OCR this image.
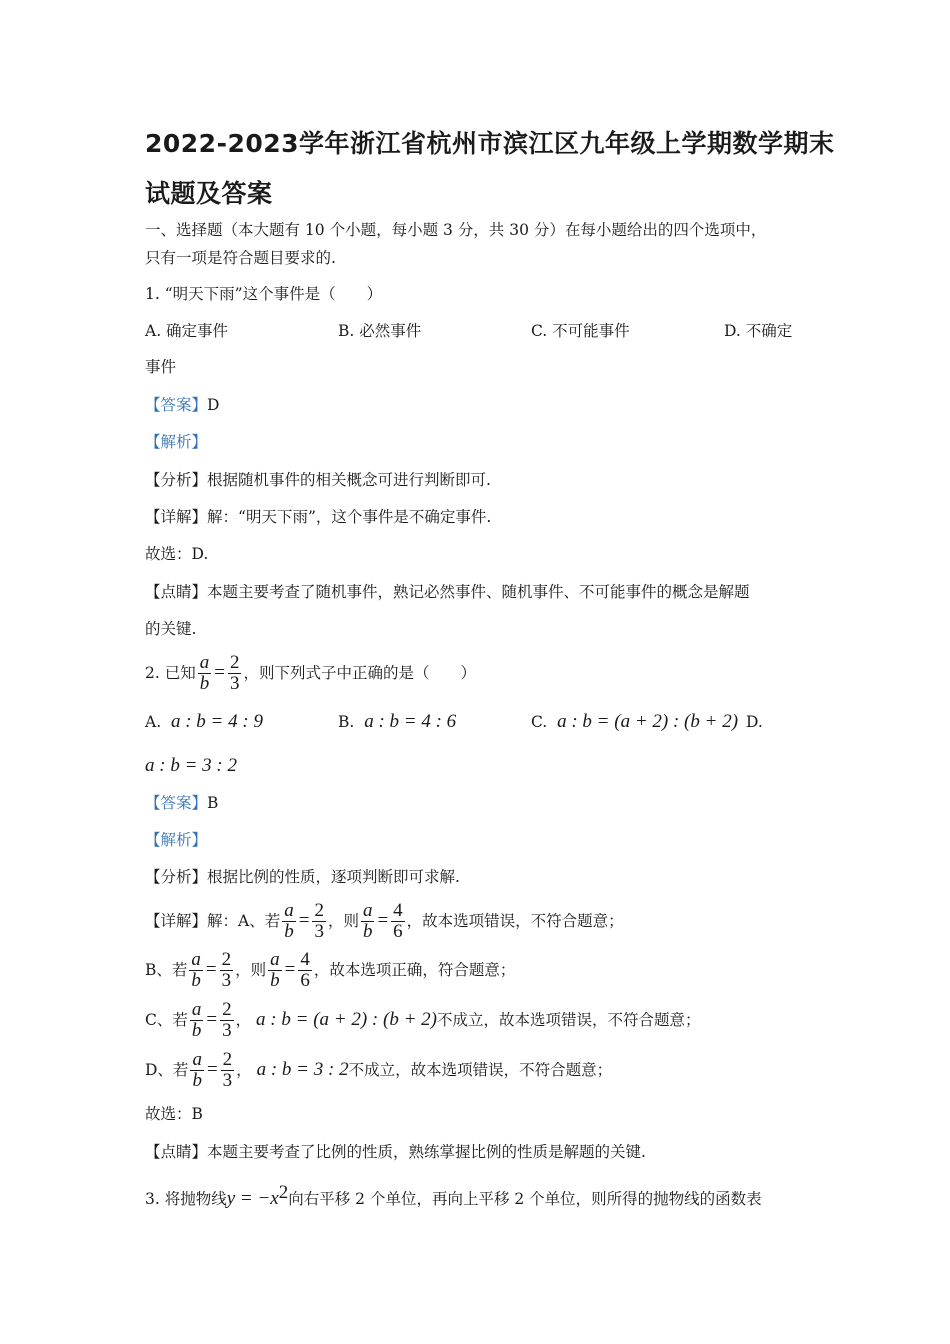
2022-2023学年浙江省杭州市滨江区九年级上学期数学期末
试题及答案
一、选择题（本大题有 10 个小题，每小题 3 分，共 30 分）在每小题给出的四个选项中，
只有一项是符合题目要求的.
1. “明天下雨”这个事件是（　　）
A. 确定事件	B. 必然事件	C. 不可能事件	D. 不确定
事件
【答案】D
【解析】
【分析】根据随机事件的相关概念可进行判断即可.
【详解】解：“明天下雨”，这个事件是不确定事件.
故选：D.
【点睛】本题主要考查了随机事件，熟记必然事件、随机事件、不可能事件的概念是解题
的关键.
2. 已知 $\frac{a}{b} = \frac{2}{3}$ ，则下列式子中正确的是（　　）
A. a : b = 4 : 9	B. a : b = 4 : 6	C. a : b = (a + 2) : (b + 2) D.
a : b = 3 : 2
【答案】B
【解析】
【分析】根据比例的性质，逐项判断即可求解.
【详解】解：A、若 $\frac{a}{b} = \frac{2}{3}$ ，则 $\frac{a}{b} = \frac{4}{6}$ ，故本选项错误，不符合题意；
B、若 $\frac{a}{b} = \frac{2}{3}$ ，则 $\frac{a}{b} = \frac{4}{6}$ ，故本选项正确，符合题意；
C、若 $\frac{a}{b} = \frac{2}{3}$ ， a : b = (a + 2) : (b + 2)不成立，故本选项错误，不符合题意；
D、若 $\frac{a}{b} = \frac{2}{3}$ ， a : b = 3 : 2不成立，故本选项错误，不符合题意；
故选：B
【点睛】本题主要考查了比例的性质，熟练掌握比例的性质是解题的关键.
3. 将抛物线$y = -x^2$向右平移 2 个单位，再向上平移 2 个单位，则所得的抛物线的函数表
